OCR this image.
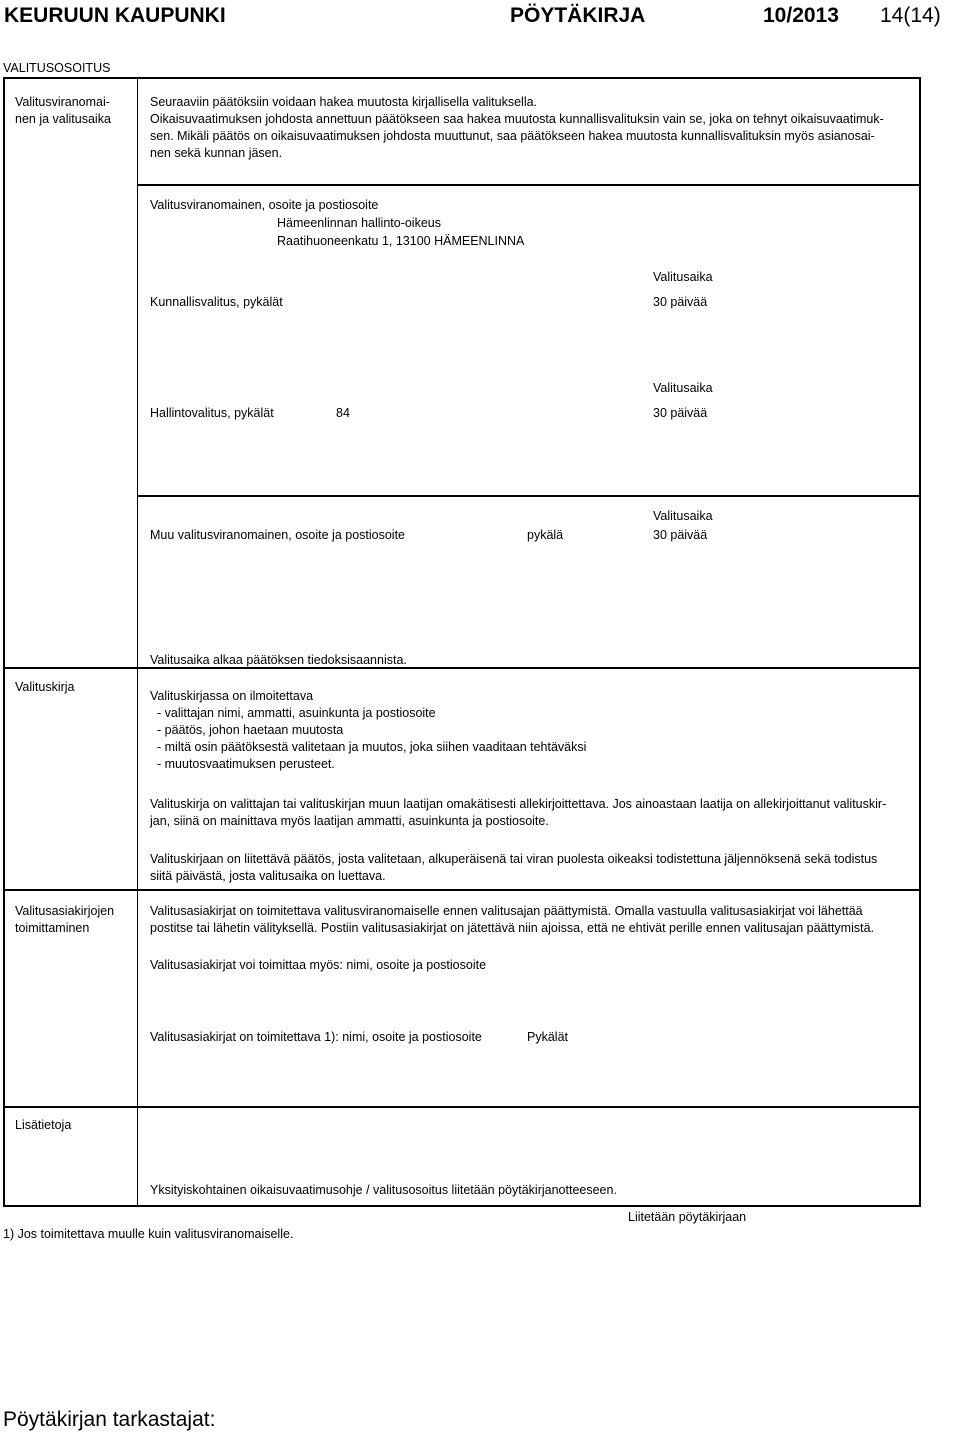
KEURUUN KAUPUNKI	PÖYTÄKIRJA	10/2013 14(14)
VALITUSOSOITUS
Valitusviranomai-
nen ja valitusaika
Seuraaviin päätöksiin voidaan hakea muutosta kirjallisella valituksella.
Oikaisuvaatimuksen johdosta annettuun päätökseen saa hakea muutosta kunnallisvalituksin vain se, joka on tehnyt oikaisuvaatimuk-
sen. Mikäli päätös on oikaisuvaatimuksen johdosta muuttunut, saa päätökseen hakea muutosta kunnallisvalituksin myös asianosai-
nen sekä kunnan jäsen.
Valitusviranomainen, osoite ja postiosoite
Hämeenlinnan hallinto-oikeus
Raatihuoneenkatu 1, 13100 HÄMEENLINNA
Valitusaika
Kunnallisvalitus, pykälät	30 päivää
Valitusaika
Hallintovalitus, pykälät	84	30 päivää
Valitusaika
Muu valitusviranomainen, osoite ja postiosoite	pykälä	30 päivää
Valitusaika alkaa päätöksen tiedoksisaannista.
Valituskirja
Valituskirjassa on ilmoitettava
- valittajan nimi, ammatti, asuinkunta ja postiosoite
- päätös, johon haetaan muutosta
- miltä osin päätöksestä valitetaan ja muutos, joka siihen vaaditaan tehtäväksi
- muutosvaatimuksen perusteet.
Valituskirja on valittajan tai valituskirjan muun laatijan omakätisesti allekirjoittettava. Jos ainoastaan laatija on allekirjoittanut valituskir-
jan, siinä on mainittava myös laatijan ammatti, asuinkunta ja postiosoite.
Valituskirjaan on liitettävä päätös, josta valitetaan, alkuperäisenä tai viran puolesta oikeaksi todistettuna jäljennöksenä sekä todistus
siitä päivästä, josta valitusaika on luettava.
Valitusasiakirjojen
toimittaminen
Valitusasiakirjat on toimitettava valitusviranomaiselle ennen valitusajan päättymistä. Omalla vastuulla valitusasiakirjat voi lähettää
postitse tai lähetin välityksellä. Postiin valitusasiakirjat on jätettävä niin ajoissa, että ne ehtivät perille ennen valitusajan päättymistä.
Valitusasiakirjat voi toimittaa myös: nimi, osoite ja postiosoite
Valitusasiakirjat on toimitettava 1): nimi, osoite ja postiosoite	Pykälät
Lisätietoja
Yksityiskohtainen oikaisuvaatimusohje / valitusosoitus liitetään pöytäkirjanotteeseen.
Liitetään pöytäkirjaan
1) Jos toimitettava muulle kuin valitusviranomaiselle.
Pöytäkirjan tarkastajat:
